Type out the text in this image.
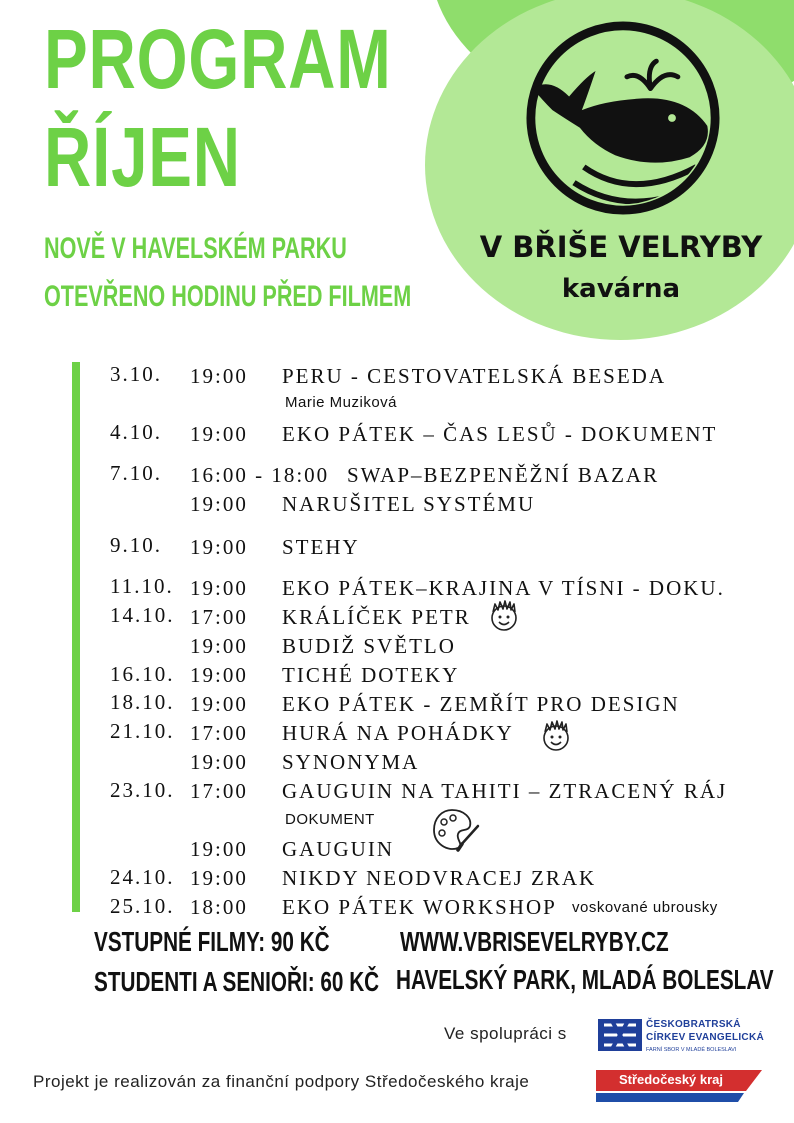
PROGRAM
ŘÍJEN
NOVĚ V HAVELSKÉM PARKU
OTEVŘENO HODINU PŘED FILMEM
V BŘIŠE VELRYBY
kavárna
3.10. 19:00 PERU - CESTOVATELSKÁ BESEDA
Marie Muziková
4.10. 19:00 EKO PÁTEK – ČAS LESŮ - DOKUMENT
7.10. 16:00 - 18:00 SWAP–BEZPENĚŽNÍ BAZAR
19:00 NARUŠITEL SYSTÉMU
9.10. 19:00 STEHY
11.10. 19:00 EKO PÁTEK–KRAJINA V TÍSNI - DOKU.
14.10. 17:00 KRÁLÍČEK PETR
19:00 BUDIŽ SVĚTLO
16.10. 19:00 TICHÉ DOTEKY
18.10. 19:00 EKO PÁTEK - ZEMŘÍT PRO DESIGN
21.10. 17:00 HURÁ NA POHÁDKY
19:00 SYNONYMA
23.10. 17:00 GAUGUIN NA TAHITI – ZTRACENÝ RÁJ
DOKUMENT
19:00 GAUGUIN
24.10. 19:00 NIKDY NEODVRACEJ ZRAK
25.10. 18:00 EKO PÁTEK WORKSHOP voskované ubrousky
VSTUPNÉ FILMY: 90 KČ
STUDENTI A SENIOŘI: 60 KČ
WWW.VBRISEVELRYBY.CZ
HAVELSKÝ PARK, MLADÁ BOLESLAV
Ve spolupráci s	ČESKOBRATRSKÁ
CÍRKEV EVANGELICKÁ
FARNÍ SBOR V MLADÉ BOLESLAVI
Projekt je realizován za finanční podpory Středočeského kraje	Středočeský kraj
